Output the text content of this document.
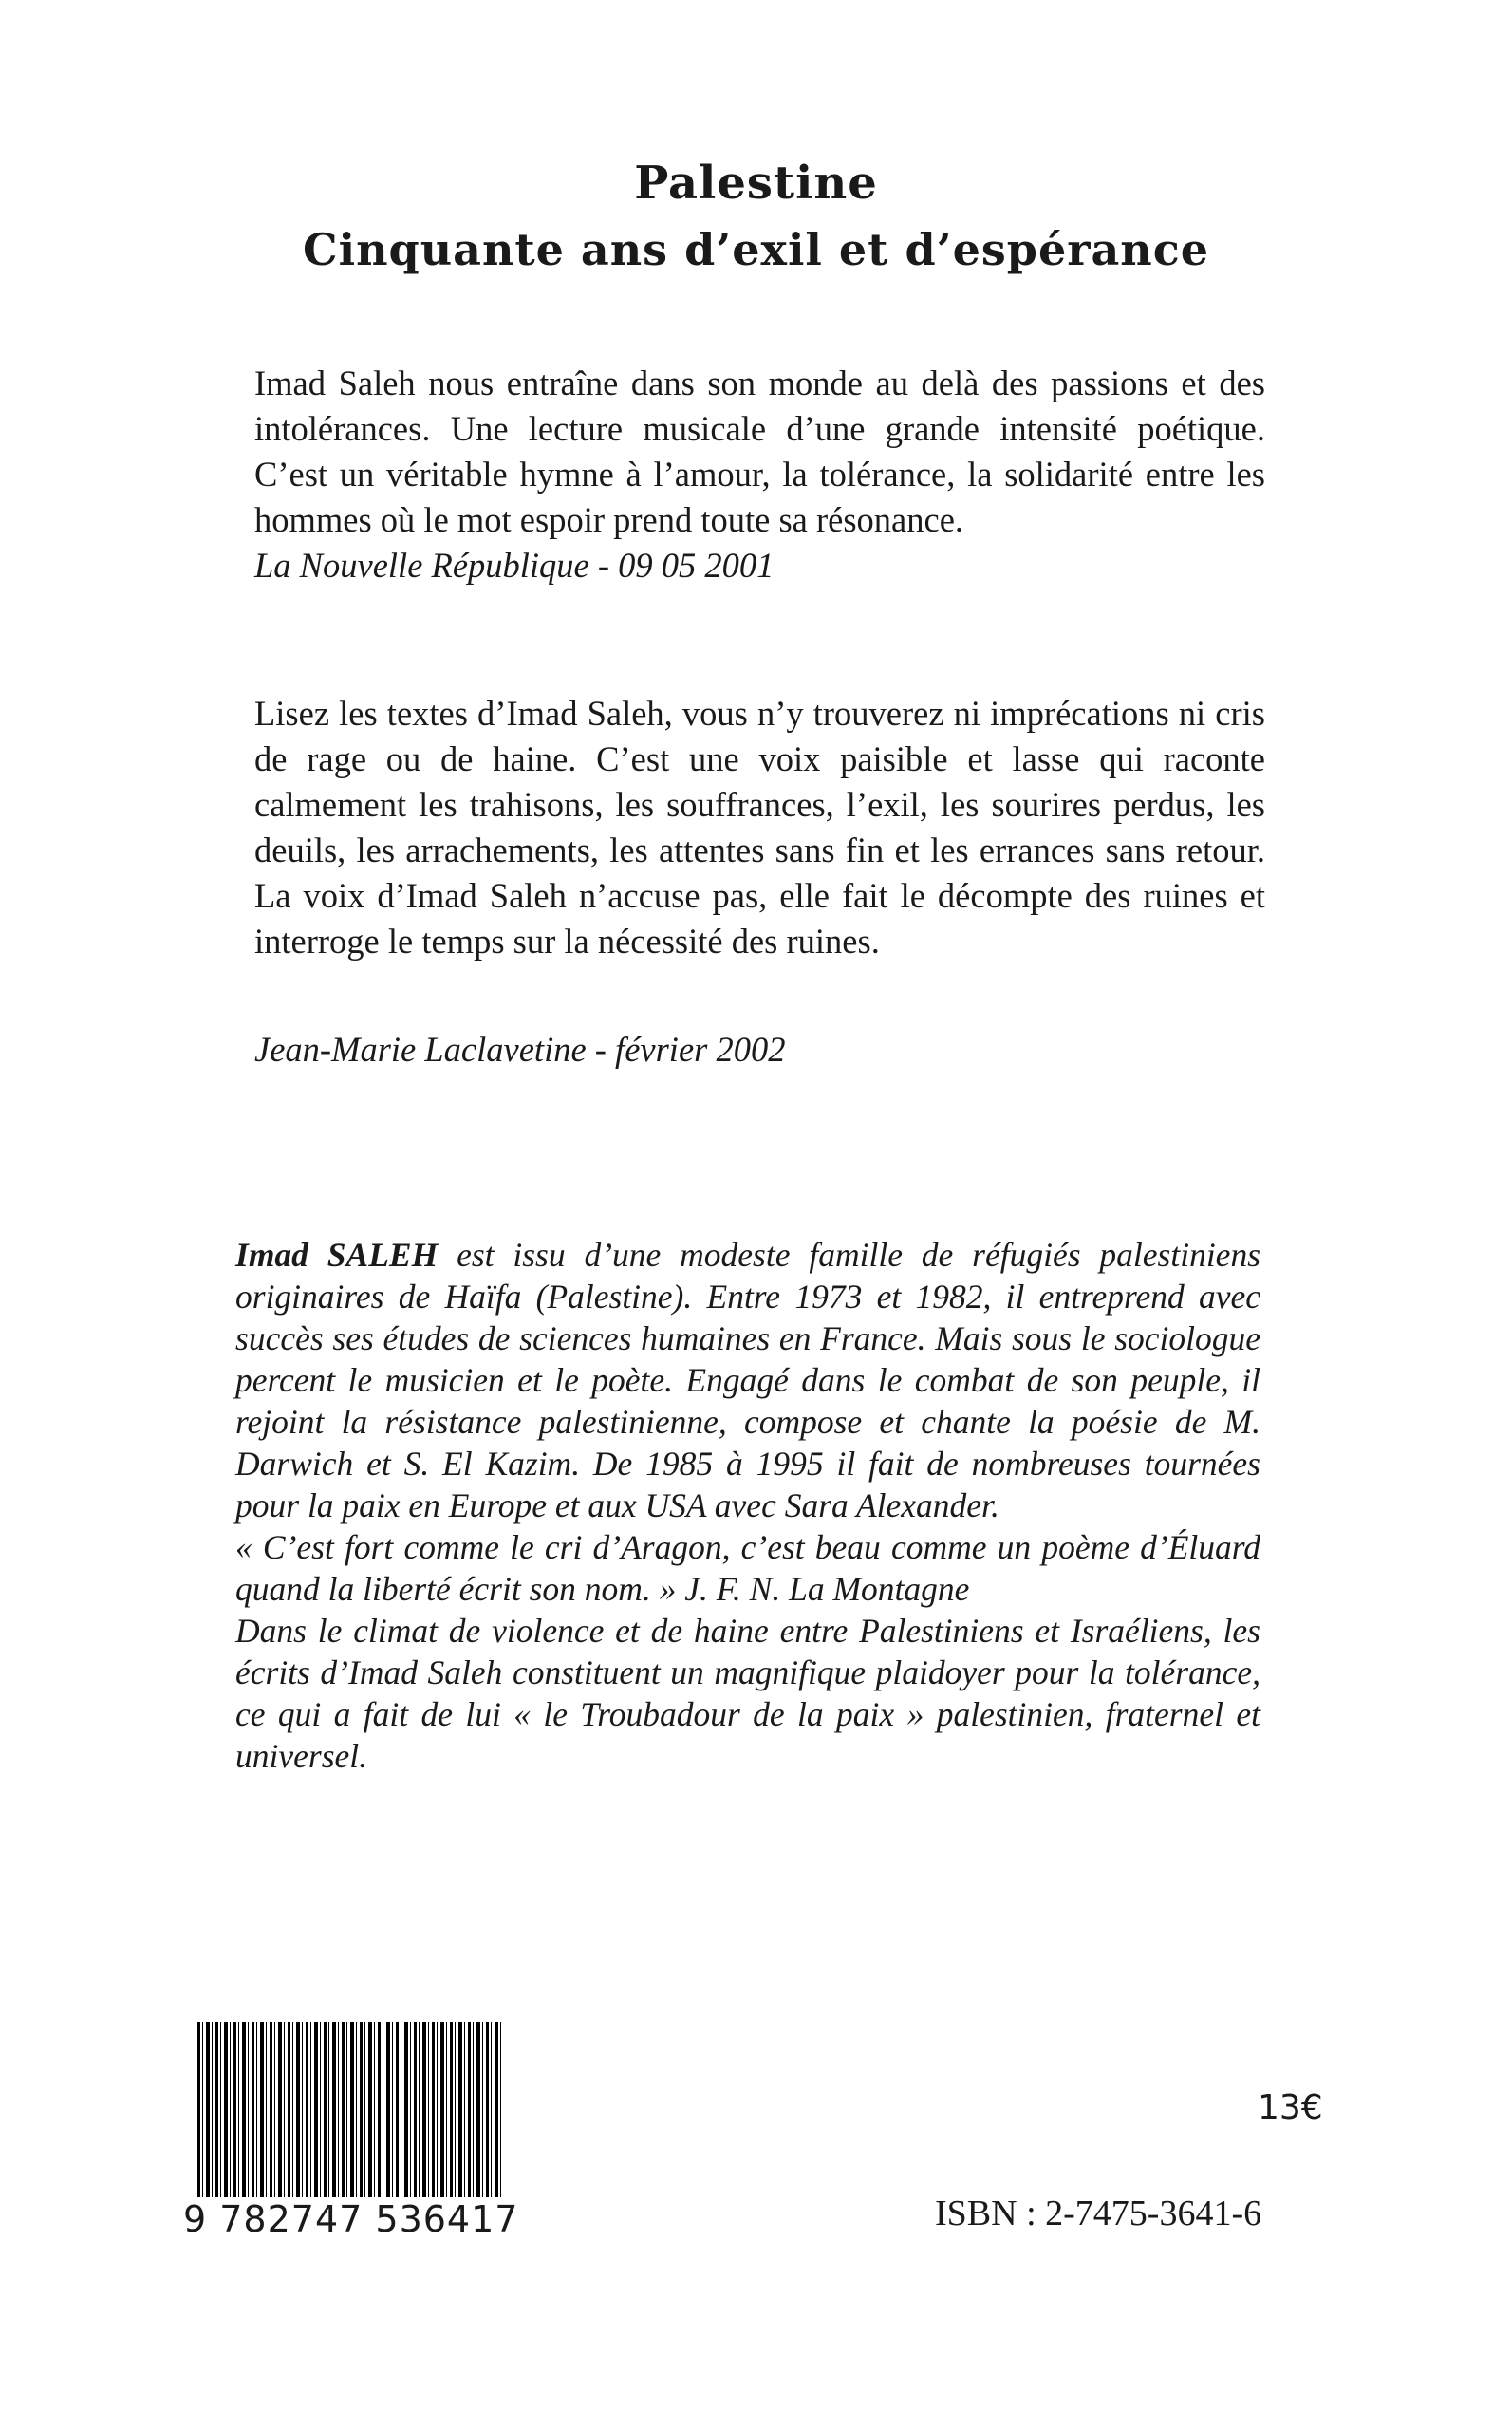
Palestine
Cinquante ans d’exil et d’espérance
Imad Saleh nous entraîne dans son monde au delà des passions et des intolérances. Une lecture musicale d’une grande intensité poétique. C’est un véritable hymne à l’amour, la tolérance, la solidarité entre les hommes où le mot espoir prend toute sa résonance.
La Nouvelle République - 09 05 2001
Lisez les textes d’Imad Saleh, vous n’y trouverez ni imprécations ni cris de rage ou de haine. C’est une voix paisible et lasse qui raconte calmement les trahisons, les souffrances, l’exil, les sourires perdus, les deuils, les arrachements, les attentes sans fin et les errances sans retour. La voix d’Imad Saleh n’accuse pas, elle fait le décompte des ruines et interroge le temps sur la nécessité des ruines.
Jean-Marie Laclavetine - février 2002
Imad SALEH est issu d’une modeste famille de réfugiés palestiniens originaires de Haïfa (Palestine). Entre 1973 et 1982, il entreprend avec succès ses études de sciences humaines en France. Mais sous le sociologue percent le musicien et le poète. Engagé dans le combat de son peuple, il rejoint la résistance palestinienne, compose et chante la poésie de M. Darwich et S. El Kazim. De 1985 à 1995 il fait de nombreuses tournées pour la paix en Europe et aux USA avec Sara Alexander.
« C’est fort comme le cri d’Aragon, c’est beau comme un poème d’Éluard quand la liberté écrit son nom. » J. F. N. La Montagne
Dans le climat de violence et de haine entre Palestiniens et Israéliens, les écrits d’Imad Saleh constituent un magnifique plaidoyer pour la tolérance, ce qui a fait de lui « le Troubadour de la paix » palestinien, fraternel et universel.
9 782747 536417
13€
ISBN : 2-7475-3641-6
